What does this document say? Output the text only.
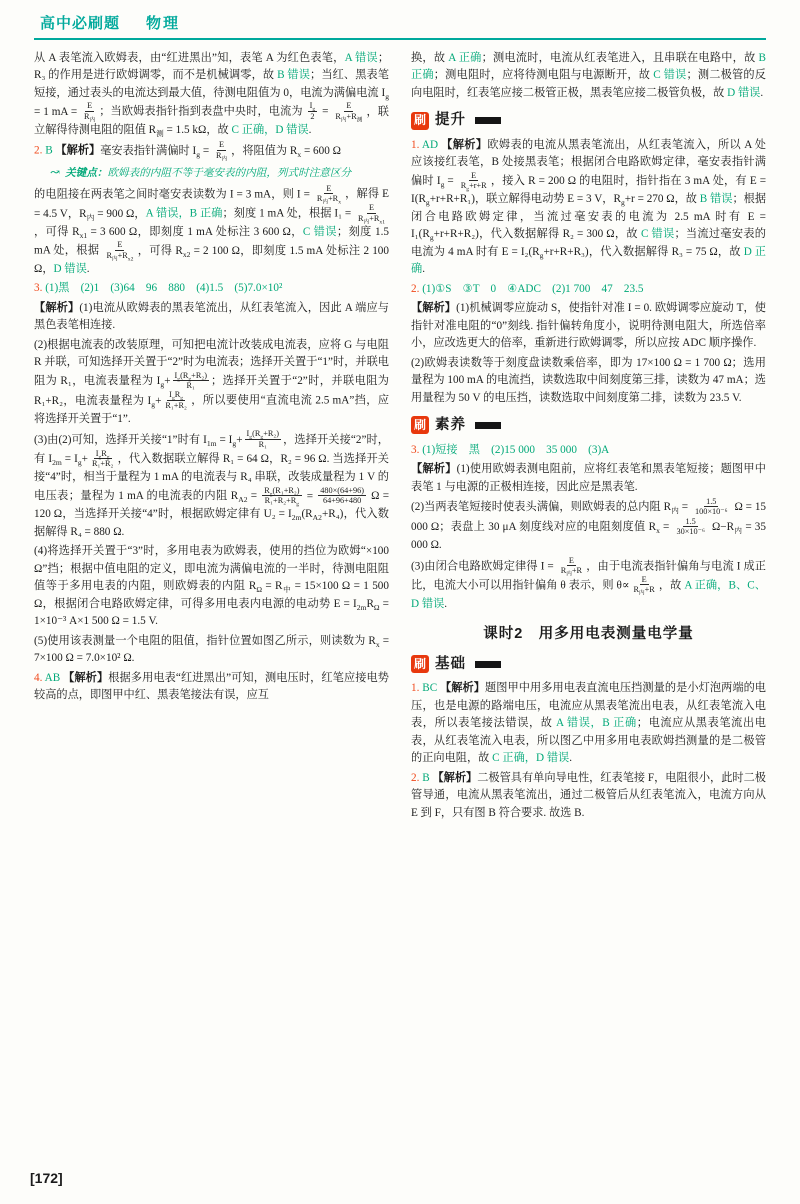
高中必刷题 物理

从 A 表笔流入欧姆表，由“红进黑出”知，表笔 A 为红色表笔，A 错误；R₃ 的作用是进行欧姆调零，而不是机械调零，故 B 错误；当红、黑表笔短接，通过表头的电流达到最大值，待测电阻值为 0，电流为满偏电流 $I_g = 1$ mA = $\frac{E}{R_内}$ ；当欧姆表指针指到表盘中央时，电流为 $\frac{I_g}{2} = \frac{E}{R_内+R_测}$ ，联立解得待测电阻的阻值 $R_测 = 1.5$ kΩ，故 C 正确，D 错误.

2. B 【解析】毫安表指针满偏时 $I_g = \frac{E}{R_内}$ ，将阻值为 $R_x = 600$ Ω

↝ 关键点：欧姆表的内阻不等于毫安表的内阻，列式时注意区分

的电阻接在两表笔之间时毫安表读数为 I = 3 mA，则 $I = \frac{E}{R_内+R_x}$ ，解得 E = 4.5 V，$R_内 = 900$ Ω，A 错误，B 正确；刻度 1 mA 处，根据 $I_1 = \frac{E}{R_内+R_{x1}}$
，可得 $R_{x1} = 3$ 600 Ω，即刻度 1 mA 处标注 3 600 Ω，C 错误；刻度 1.5 mA 处，根据 $\frac{E}{R_内+R_{x2}}$ ，可得 $R_{x2} = 2$ 100 Ω，即刻度 1.5 mA 处标注 2 100 Ω，D 错误.

3. (1)黑　(2)1　(3)64　96　880　(4)1.5　(5)7.0×10²

【解析】(1)电流从欧姆表的黑表笔流出，从红表笔流入，因此 A 端应与黑色表笔相连接.

(2)根据电流表的改装原理，可知把电流计改装成电流表，应将 G 与电阻 R 并联，可知选择开关置于“2”时为电流表；选择开关置于“1”时，并联电阻为 R₁，电流表量程为 $I_g+ \frac{I_g(R_g+R_2)}{\text{R₁}}$ ；选择开关置于“2”时，并联电阻为 R₁+R₂，电流表量程为 $I_g+ \frac{I_gR_g}{\text{R₁+R₂}}$ ，所以要使用“直流电流 2.5 mA”挡，应将选择开关置于“1”.

(3)由(2)可知，选择开关接“1”时有 $I_{1m} = I_g+ \frac{I_g(R_g+R_2)}{\text{R₁}}$ ，选择开关接“2”时，有 $I_{2m} = I_g+ \frac{I_gR_g}{\text{R₁+R₂}}$ ，代入数据联立解得 R₁ = 64 Ω，R₂ = 96 Ω. 当选择开关接“4”时，相当于量程为 1 mA 的电流表与 R₄ 串联，改装成量程为 1 V 的电压表；量程为 1 mA 的电流表的内阻 $R_{A2} = \frac{R_g(R_1+R_2)}{R_1+R_2+R_g} = \frac{480\times(64+96)}{64+96+480}$ Ω = 120 Ω，当选择开关接“4”时，根据欧姆定律有 $U_2 = I_{2m}(R_{A2}+R_4)$，代入数据解得 R₄ = 880 Ω.

(4)将选择开关置于“3”时，多用电表为欧姆表，使用的挡位为欧姆“×100 Ω”挡；根据中值电阻的定义，即电流为满偏电流的一半时，待测电阻阻值等于多用电表的内阻，则欧姆表的内阻 $R_\Omega = R_中 = 15\times 100$ Ω = 1 500 Ω，根据闭合电路欧姆定律，可得多用电表内电源的电动势 $E = I_{2m}R_\Omega = 1\times 10^{-3}$ A×1 500 Ω = 1.5 V.

(5)使用该表测量一个电阻的阻值，指针位置如图乙所示，则读数为 $R_x = 7\times 100$ Ω = 7.0×10² Ω.

4. AB 【解析】根据多用电表“红进黑出”可知，测电压时，红笔应接电势较高的点，即图甲中红、黑表笔接法有误，应互

换，故 A 正确；测电流时，电流从红表笔进入，且串联在电路中，故 B 正确；测电阻时，应将待测电阻与电源断开，故 C 错误；测二极管的反向电阻时，红表笔应接二极管正极，黑表笔应接二极管负极，故 D 错误.

刷 提升

1. AD 【解析】欧姆表的电流从黑表笔流出，从红表笔流入，所以 A 处应该接红表笔，B 处接黑表笔；根据闭合电路欧姆定律，毫安表指针满偏时 $I_g = \frac{E}{R_g+r+R}$ ，接入 R = 200 Ω 的电阻时，指针指在 3 mA 处，有 $E = I(R_g+r+R+R_1)$，联立解得电动势 E = 3 V，$R_g+r = 270$ Ω，故 B 错误；根据闭合电路欧姆定律，当流过毫安表的电流为 2.5 mA 时有 $E = I_1(R_g+r+R+R_2)$，代入数据解得 R₂ = 300 Ω，故 C 错误；当流过毫安表的电流为 4 mA 时有 $E = I_2(R_g+r+R+R_3)$，代入数据解得 R₃ = 75 Ω，故 D 正确.

2. (1)①S　③T　0　④ADC　(2)1 700　47　23.5

【解析】(1)机械调零应旋动 S，使指针对准 I = 0. 欧姆调零应旋动 T，使指针对准电阻的“0”刻线. 指针偏转角度小，说明待测电阻大，所选倍率小，应改选更大的倍率，重新进行欧姆调零，所以应按 ADC 顺序操作.

(2)欧姆表读数等于刻度盘读数乘倍率，即为 17×100 Ω = 1 700 Ω；选用量程为 100 mA 的电流挡，读数选取中间刻度第三排，读数为 47 mA；选用量程为 50 V 的电压挡，读数选取中间刻度第二排，读数为 23.5 V.

刷 素养

3. (1)短接　黑　(2)15 000　35 000　(3)A

【解析】(1)使用欧姆表测电阻前，应将红表笔和黑表笔短接；题图甲中表笔 1 与电源的正极相连接，因此应是黑表笔.

(2)当两表笔短接时使表头满偏，则欧姆表的总内阻 $R_内 = \frac{1.5}{\text{100×10⁻⁶}}$ Ω = 15 000 Ω；表盘上 30 μA 刻度线对应的电阻刻度值 $R_x = \frac{1.5}{\text{30×10⁻⁶}} \Omega-R_内 = 35$ 000 Ω.

(3)由闭合电路欧姆定律得 $I = \frac{E}{R_内+R}$ ，由于电流表指针偏角与电流 I 成正比，电流大小可以用指针偏角 θ 表示，则 $\theta\propto \frac{E}{R_内+R}$ ，故 A 正确，B、C、D 错误.

课时2　用多用电表测量电学量
刷 基础

1. BC 【解析】题图甲中用多用电表直流电压挡测量的是小灯泡两端的电压，也是电源的路端电压，电流应从黑表笔流出电表，从红表笔流入电表，所以表笔接法错误，故 A 错误，B 正确；电流应从黑表笔流出电表，从红表笔流入电表，所以图乙中用多用电表欧姆挡测量的是二极管的正向电阻，故 C 正确，D 错误.

2. B 【解析】二极管具有单向导电性，红表笔接 F，电阻很小，此时二极管导通，电流从黑表笔流出，通过二极管后从红表笔流入，电流方向从 E 到 F，只有图 B 符合要求. 故选 B.

[172]
